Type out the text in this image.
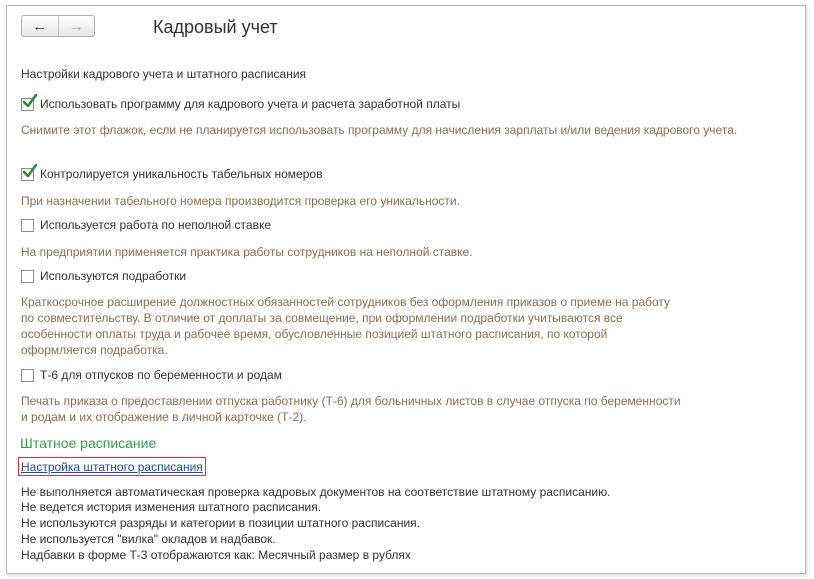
← →	Кадровый учет
Настройки кадрового учета и штатного расписания
Использовать программу для кадрового учета и расчета заработной платы
Снимите этот флажок, если не планируется использовать программу для начисления зарплаты и/или ведения кадрового учета.
Контролируется уникальность табельных номеров
При назначении табельного номера производится проверка его уникальности.
Используется работа по неполной ставке
На предприятии применяется практика работы сотрудников на неполной ставке.
Используются подработки
Краткосрочное расширение должностных обязанностей сотрудников без оформления приказов о приеме на работу
по совместительству. В отличие от доплаты за совмещение, при оформлении подработки учитываются все
особенности оплаты труда и рабочее время, обусловленные позицией штатного расписания, по которой
оформляется подработка.
Т-6 для отпусков по беременности и родам
Печать приказа о предоставлении отпуска работнику (Т-6) для больничных листов в случае отпуска по беременности
и родам и их отображение в личной карточке (Т-2).
Штатное расписание
Настройка штатного расписания
Не выполняется автоматическая проверка кадровых документов на соответствие штатному расписанию.
Не ведется история изменения штатного расписания.
Не используются разряды и категории в позиции штатного расписания.
Не используется "вилка" окладов и надбавок.
Надбавки в форме Т-3 отображаются как: Месячный размер в рублях
